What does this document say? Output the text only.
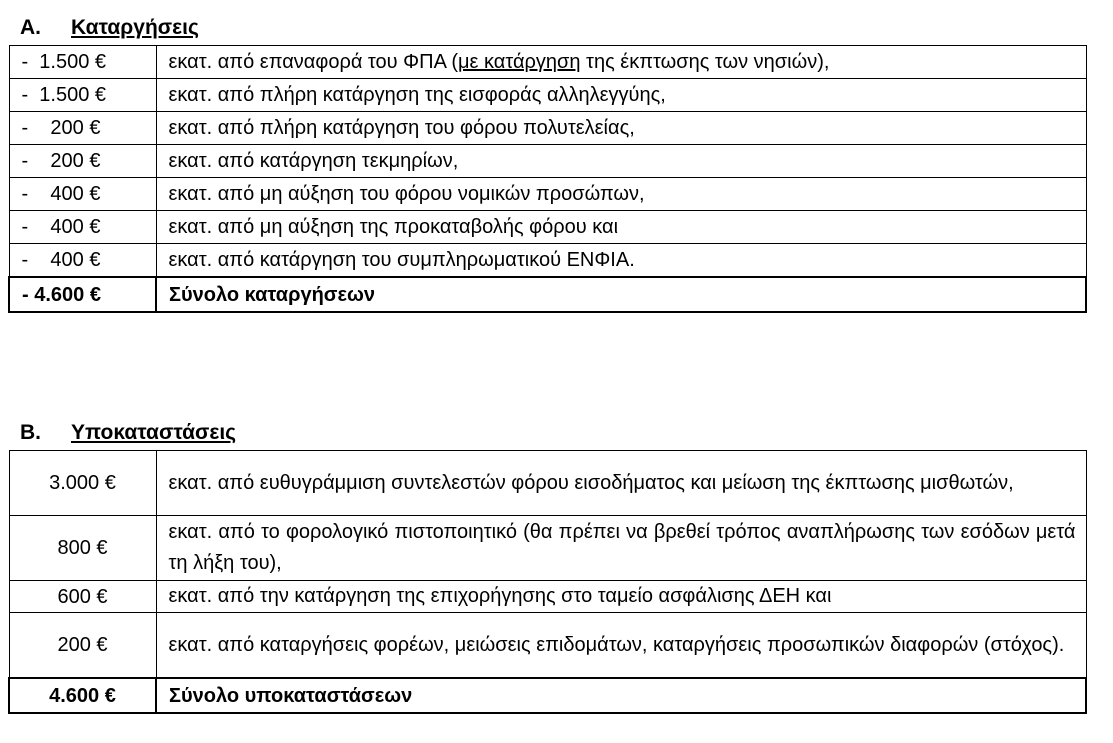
Α. Καταργήσεις
-  1.500 €	εκατ. από επαναφορά του ΦΠΑ (με κατάργηση της έκπτωσης των νησιών),
-  1.500 €	εκατ. από πλήρη κατάργηση της εισφοράς αλληλεγγύης,
-    200 €	εκατ. από πλήρη κατάργηση του φόρου πολυτελείας,
-    200 €	εκατ. από κατάργηση τεκμηρίων,
-    400 €	εκατ. από μη αύξηση του φόρου νομικών προσώπων,
-    400 €	εκατ. από μη αύξηση της προκαταβολής φόρου και
-    400 €	εκατ. από κατάργηση του συμπληρωματικού ΕΝΦΙΑ.
- 4.600 €	Σύνολο καταργήσεων
Β. Υποκαταστάσεις
3.000 €	εκατ. από ευθυγράμμιση συντελεστών φόρου εισοδήματος και μείωση της έκπτωσης μισθωτών,
800 €	εκατ. από το φορολογικό πιστοποιητικό (θα πρέπει να βρεθεί τρόπος αναπλήρωσης των εσόδων μετά τη λήξη του),
600 €	εκατ. από την κατάργηση της επιχορήγησης στο ταμείο ασφάλισης ΔΕΗ και
200 €	εκατ. από καταργήσεις φορέων, μειώσεις επιδομάτων, καταργήσεις προσωπικών διαφορών (στόχος).
4.600 €	Σύνολο υποκαταστάσεων
